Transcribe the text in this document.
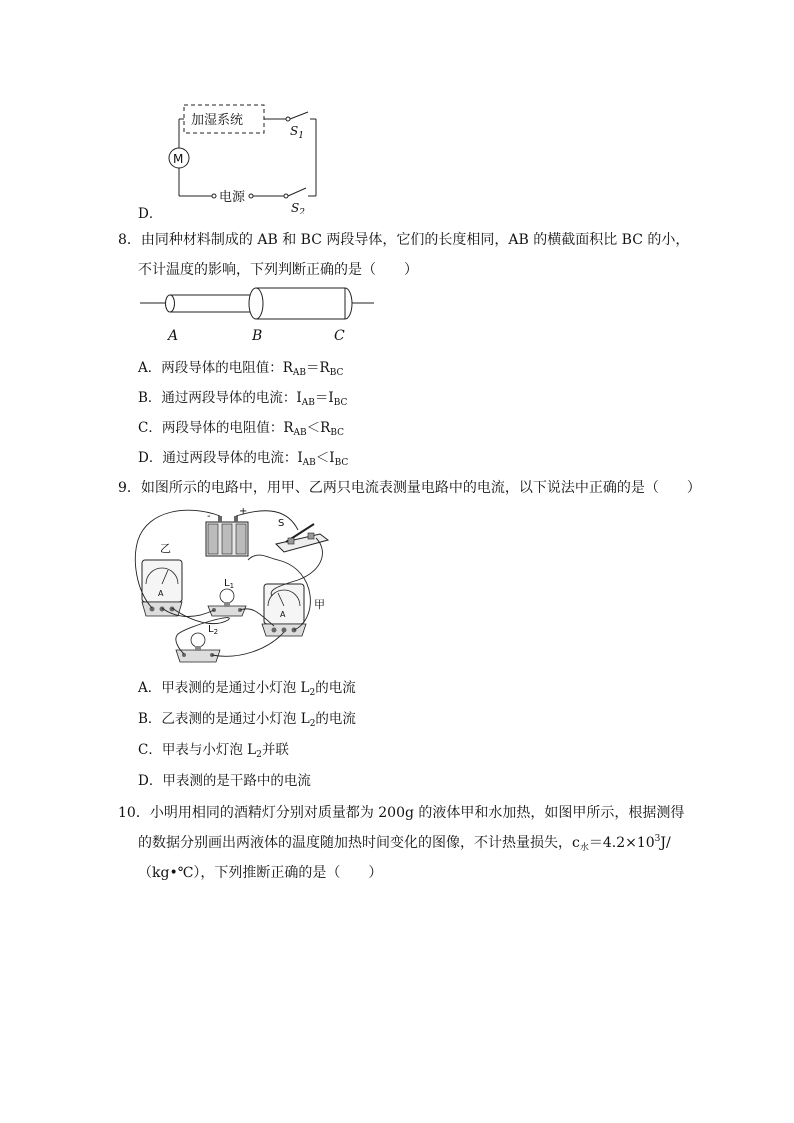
D．
加湿系统
$S_1$
M
电源
$S_2$
8．由同种材料制成的 AB 和 BC 两段导体，它们的长度相同，AB 的横截面积比 BC 的小，
不计温度的影响，下列判断正确的是（　　）
A	B	C
A．两段导体的电阻值：$R_{AB}=R_{BC}$
B．通过两段导体的电流：$I_{AB}=I_{BC}$
C．两段导体的电阻值：$R_{AB}<R_{BC}$
D．通过两段导体的电流：$I_{AB}<I_{BC}$
9．如图所示的电路中，用甲、乙两只电流表测量电路中的电流，以下说法中正确的是（　　）
-	+
S
A
乙
$L_1$
A
甲
$L_2$
A．甲表测的是通过小灯泡 $L_2$的电流
B．乙表测的是通过小灯泡 $L_2$的电流
C．甲表与小灯泡 $L_2$并联
D．甲表测的是干路中的电流
10．小明用相同的酒精灯分别对质量都为 200g 的液体甲和水加热，如图甲所示，根据测得
的数据分别画出两液体的温度随加热时间变化的图像，不计热量损失，$c_水=4.2\times 10^3J/$
（kg•℃），下列推断正确的是（　　）
